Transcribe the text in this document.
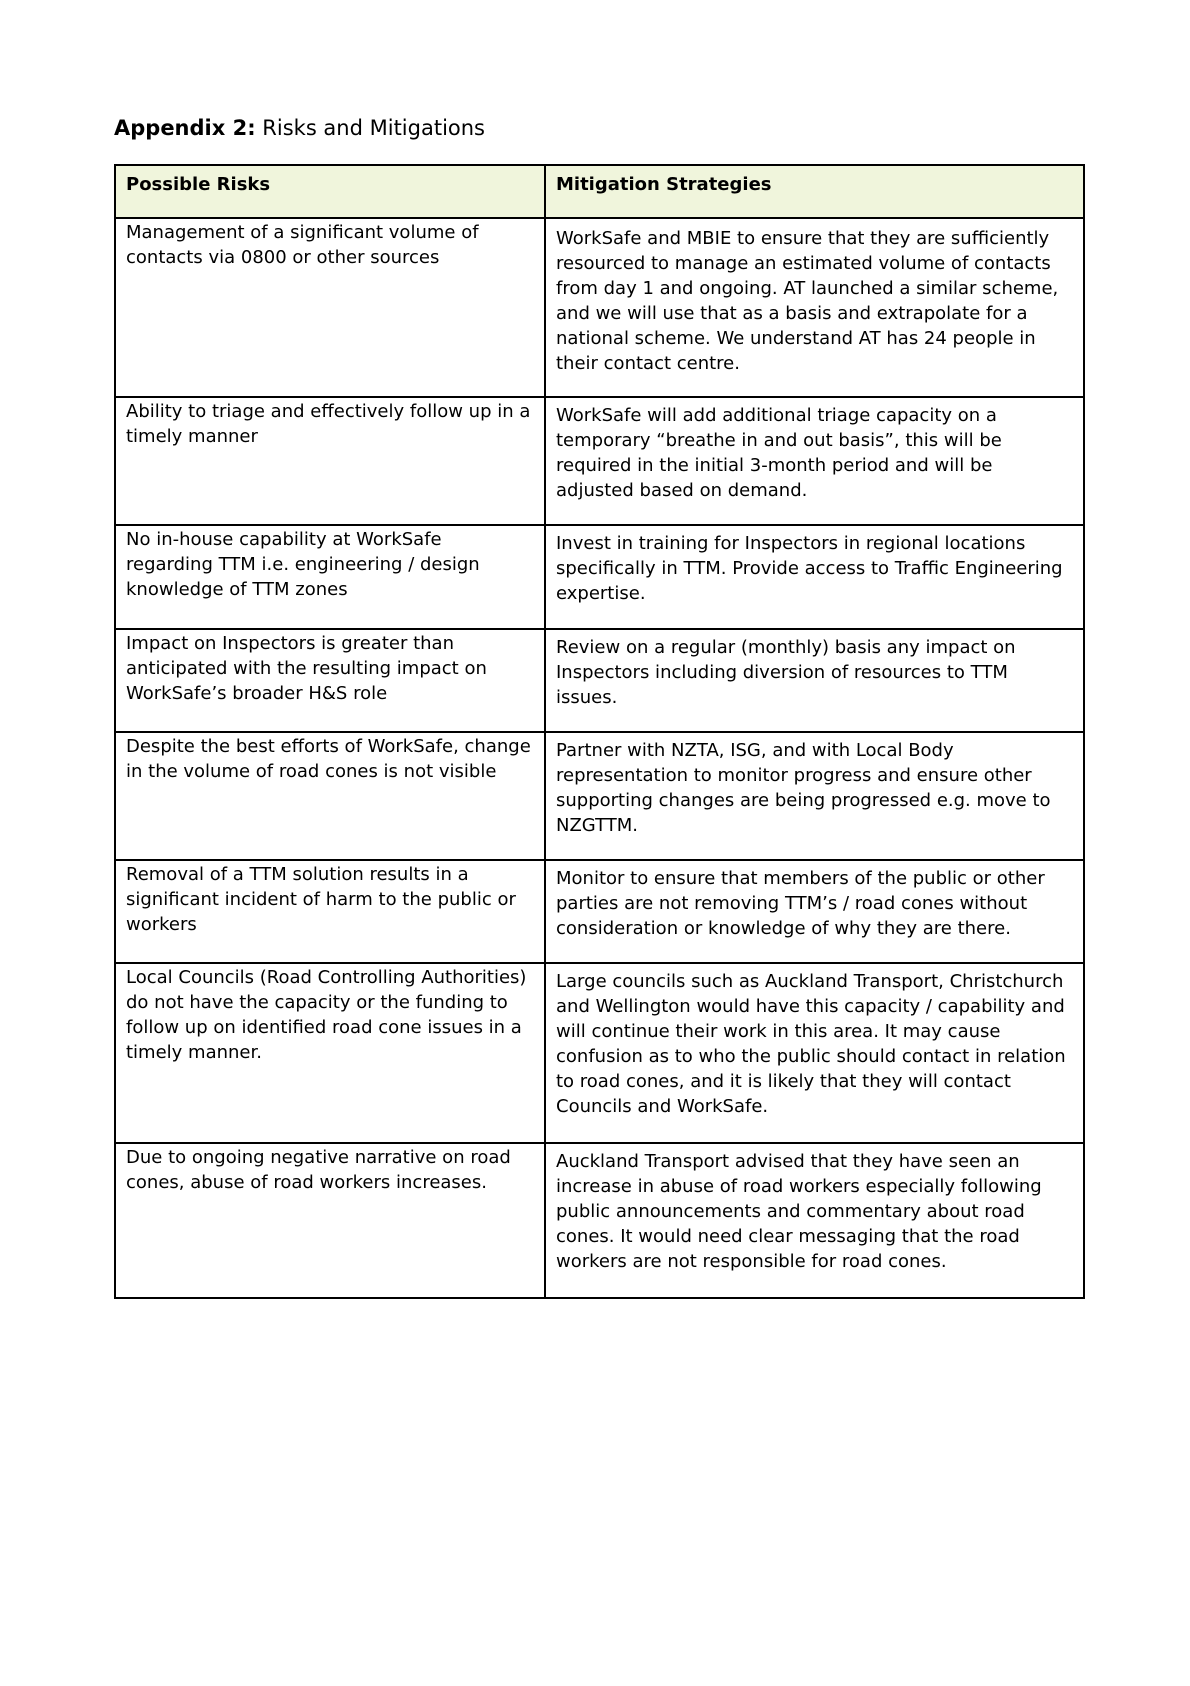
Appendix 2: Risks and Mitigations
Possible Risks	Mitigation Strategies
Management of a significant volume of contacts via 0800 or other sources	WorkSafe and MBIE to ensure that they are sufficiently resourced to manage an estimated volume of contacts from day 1 and ongoing. AT launched a similar scheme, and we will use that as a basis and extrapolate for a national scheme. We understand AT has 24 people in their contact centre.
Ability to triage and effectively follow up in a timely manner	WorkSafe will add additional triage capacity on a temporary “breathe in and out basis”, this will be required in the initial 3-month period and will be adjusted based on demand.
No in-house capability at WorkSafe regarding TTM i.e. engineering / design knowledge of TTM zones	Invest in training for Inspectors in regional locations specifically in TTM. Provide access to Traffic Engineering expertise.
Impact on Inspectors is greater than anticipated with the resulting impact on WorkSafe’s broader H&S role	Review on a regular (monthly) basis any impact on Inspectors including diversion of resources to TTM issues.
Despite the best efforts of WorkSafe, change in the volume of road cones is not visible	Partner with NZTA, ISG, and with Local Body representation to monitor progress and ensure other supporting changes are being progressed e.g. move to NZGTTM.
Removal of a TTM solution results in a significant incident of harm to the public or workers	Monitor to ensure that members of the public or other parties are not removing TTM’s / road cones without consideration or knowledge of why they are there.
Local Councils (Road Controlling Authorities) do not have the capacity or the funding to follow up on identified road cone issues in a timely manner.	Large councils such as Auckland Transport, Christchurch and Wellington would have this capacity / capability and will continue their work in this area. It may cause confusion as to who the public should contact in relation to road cones, and it is likely that they will contact Councils and WorkSafe.
Due to ongoing negative narrative on road cones, abuse of road workers increases.	Auckland Transport advised that they have seen an increase in abuse of road workers especially following public announcements and commentary about road cones. It would need clear messaging that the road workers are not responsible for road cones.
